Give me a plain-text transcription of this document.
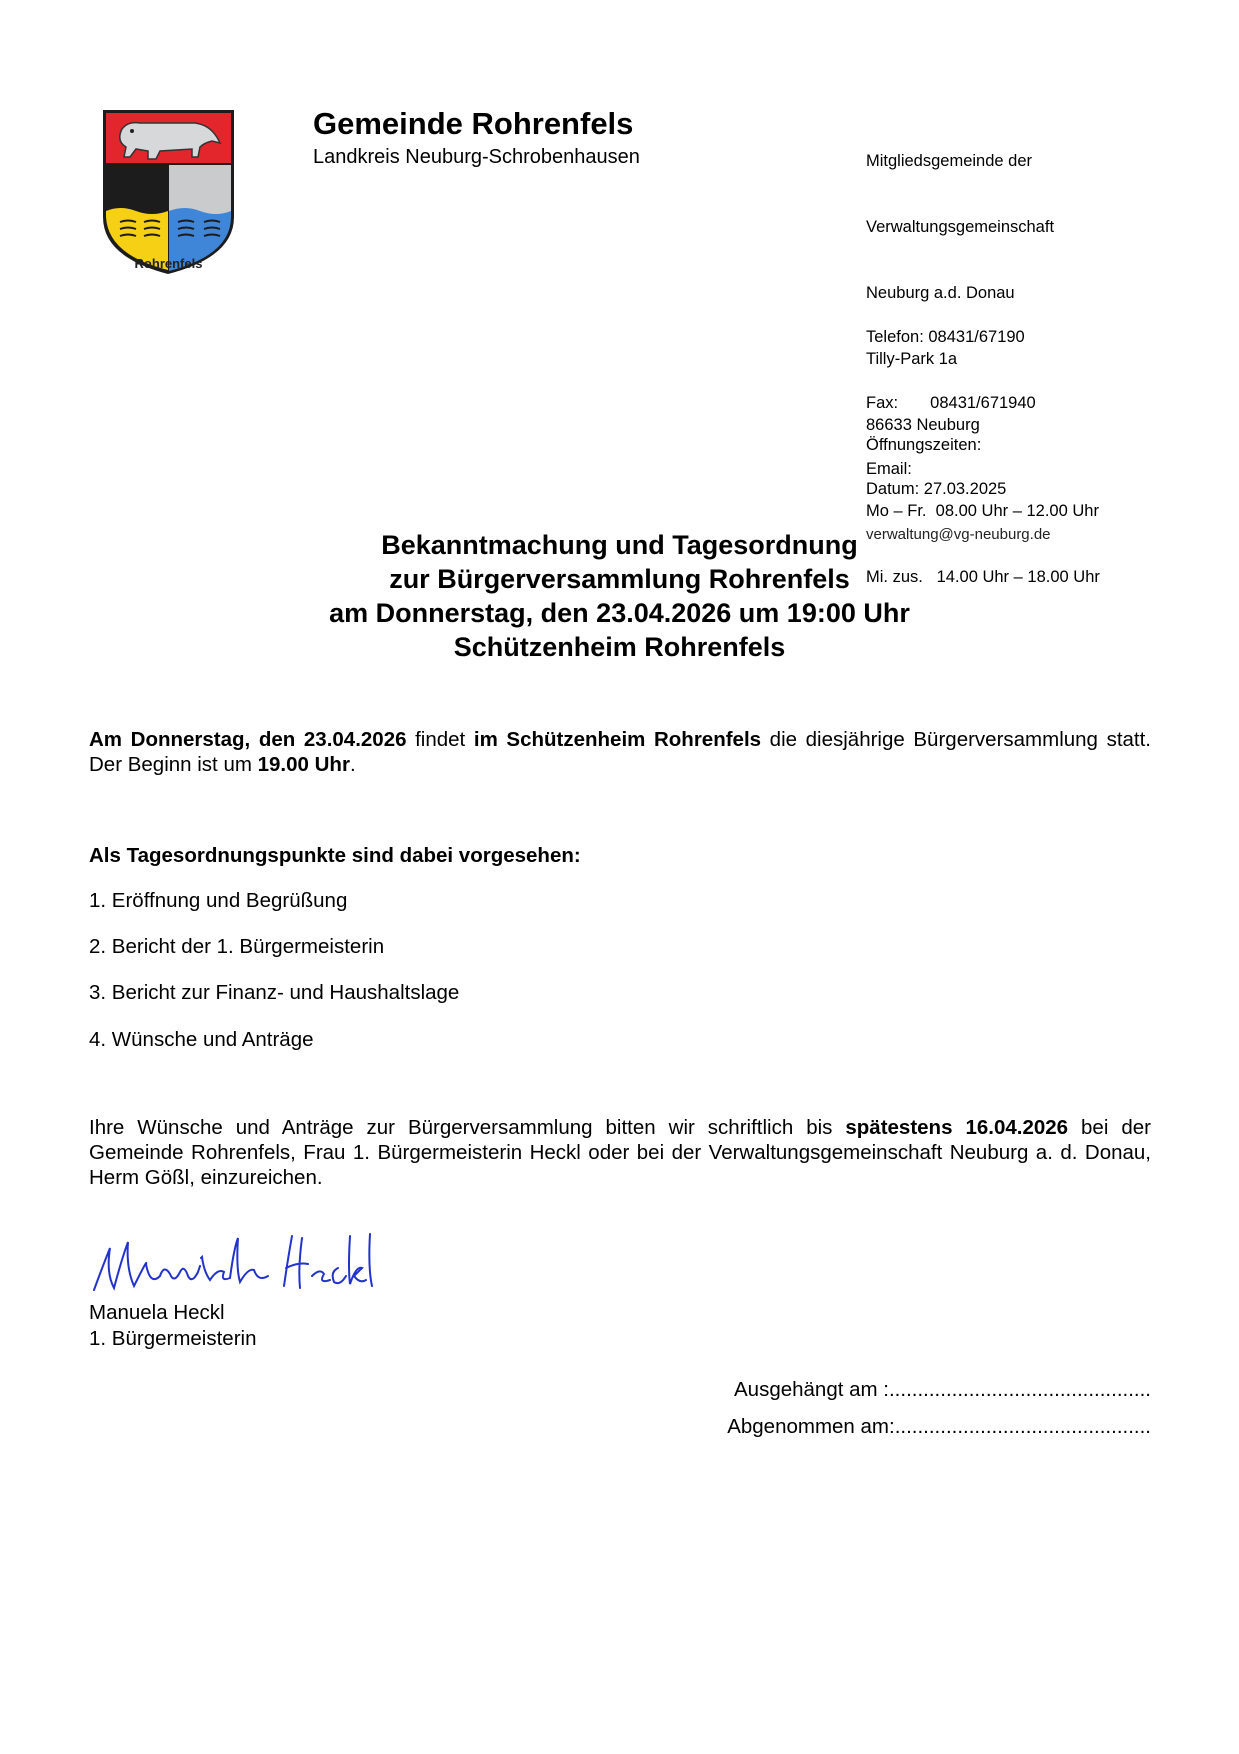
Rohrenfels
Gemeinde Rohrenfels
Landkreis Neuburg-Schrobenhausen

	Mitgliedsgemeinde der

Verwaltungsgemeinschaft

Neuburg a.d. Donau

Tilly-Park 1a

86633 Neuburg

Telefon: 08431/67190

Fax:       08431/671940

Email:

verwaltung@vg-neuburg.de

Öffnungszeiten:

Mo – Fr.  08.00 Uhr – 12.00 Uhr

Mi. zus.   14.00 Uhr – 18.00 Uhr

Datum: 27.03.2025
Bekanntmachung und Tagesordnung
zur Bürgerversammlung Rohrenfels
am Donnerstag, den 23.04.2026 um 19:00 Uhr
Schützenheim Rohrenfels
Am Donnerstag, den 23.04.2026 findet im Schützenheim Rohrenfels die diesjährige Bürgerversammlung statt. Der Beginn ist um 19.00 Uhr.
Als Tagesordnungspunkte sind dabei vorgesehen:
1. Eröffnung und Begrüßung
2. Bericht der 1. Bürgermeisterin
3. Bericht zur Finanz- und Haushaltslage
4. Wünsche und Anträge
Ihre Wünsche und Anträge zur Bürgerversammlung bitten wir schriftlich bis spätestens 16.04.2026 bei der Gemeinde Rohrenfels, Frau 1. Bürgermeisterin Heckl oder bei der Verwaltungsgemeinschaft Neuburg a. d. Donau, Herm Gößl, einzureichen.
Manuela Heckl
1. Bürgermeisterin
Ausgehängt am :..............................................
Abgenommen am:.............................................
